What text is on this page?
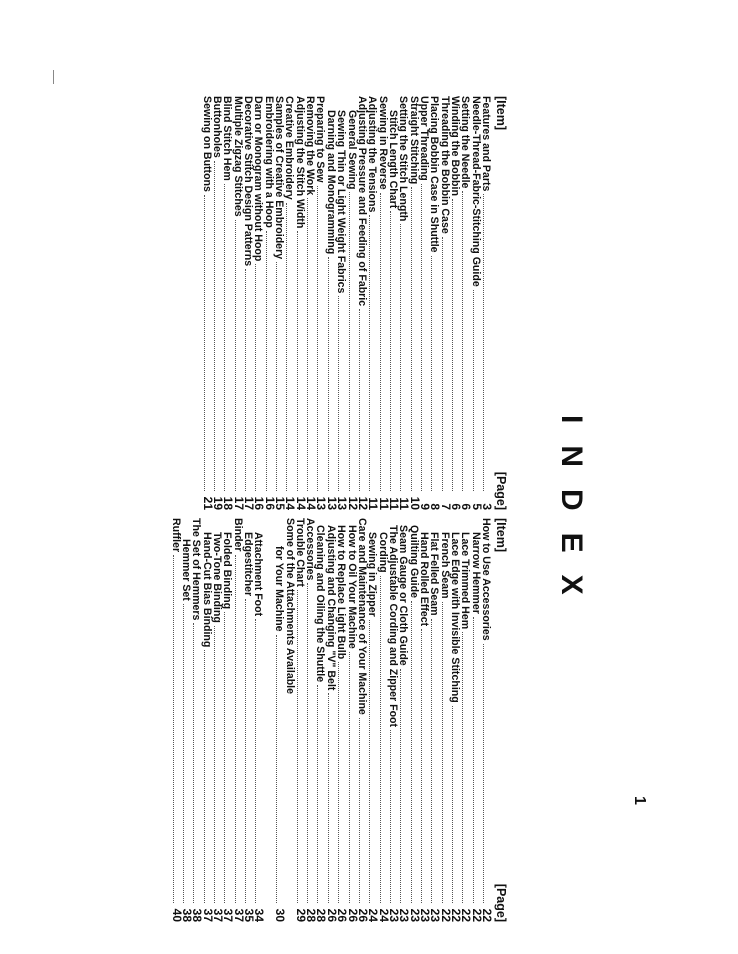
INDEX
[Item]
[Page]
Features and Parts
3
Needle-Thread-Fabric-Stitching Guide
5
Setting the Needle
6
Winding the Bobbin
6
Threading the Bobbin Case
7
Placing Bobbin Case in Shuttle
8
Upper Threading
9
Straight Stitching
10
Setting the Stitch Length
11
Stitch Length Chart
11
Sewing in Reverse
11
Adjusting the Tensions
11
Adjusting Pressure and Feeding of Fabric
12
General Sewing
12
Sewing Thin or Light Weight Fabrics
13
Darning and Monogramming
13
Preparing to Sew
13
Removing the Work
14
Adjusting the Stitch Width
14
Creative Embroidery
14
Samples of Creative Embroidery
15
Embroidering with a Hoop
16
Darn or Monogram without Hoop
16
Decorative Stitch Design Patterns
17
Multiple Zigzag Stitches
17
Blind Stitch Hem
18
Buttonholes
19
Sewing on Buttons
21
[Item]
[Page]
How to Use Accessories
22
Narrow Hemmer
22
Lace Trimmed Hem
22
Lace Edge with Invisible Stitching
22
French Seam
22
Flat Felled Seam
23
Hand Rolled Effect
23
Quilting Guide
23
Seam Gauge or Cloth Guide
23
The Adjustable Cording and Zipper Foot
23
Cording
24
Sewing in Zipper
24
Care and Maintenance of Your Machine
26
How to Oil Your Machine
26
How to Replace Light Bulb
26
Adjusting and Changing "V" Belt
26
Cleaning and Oiling the Shuttle
28
Accessories
28
Trouble Chart
29
Some of the Attachments Available
for Your Machine
30
Attachment Foot
34
Edgestitcher
35
Binder
37
Folded Binding
37
Two-Tone Binding
37
Hand-Cut Bias Binding
37
The Set of Hemmers
38
Hemmer Set
38
Ruffler
40
1
